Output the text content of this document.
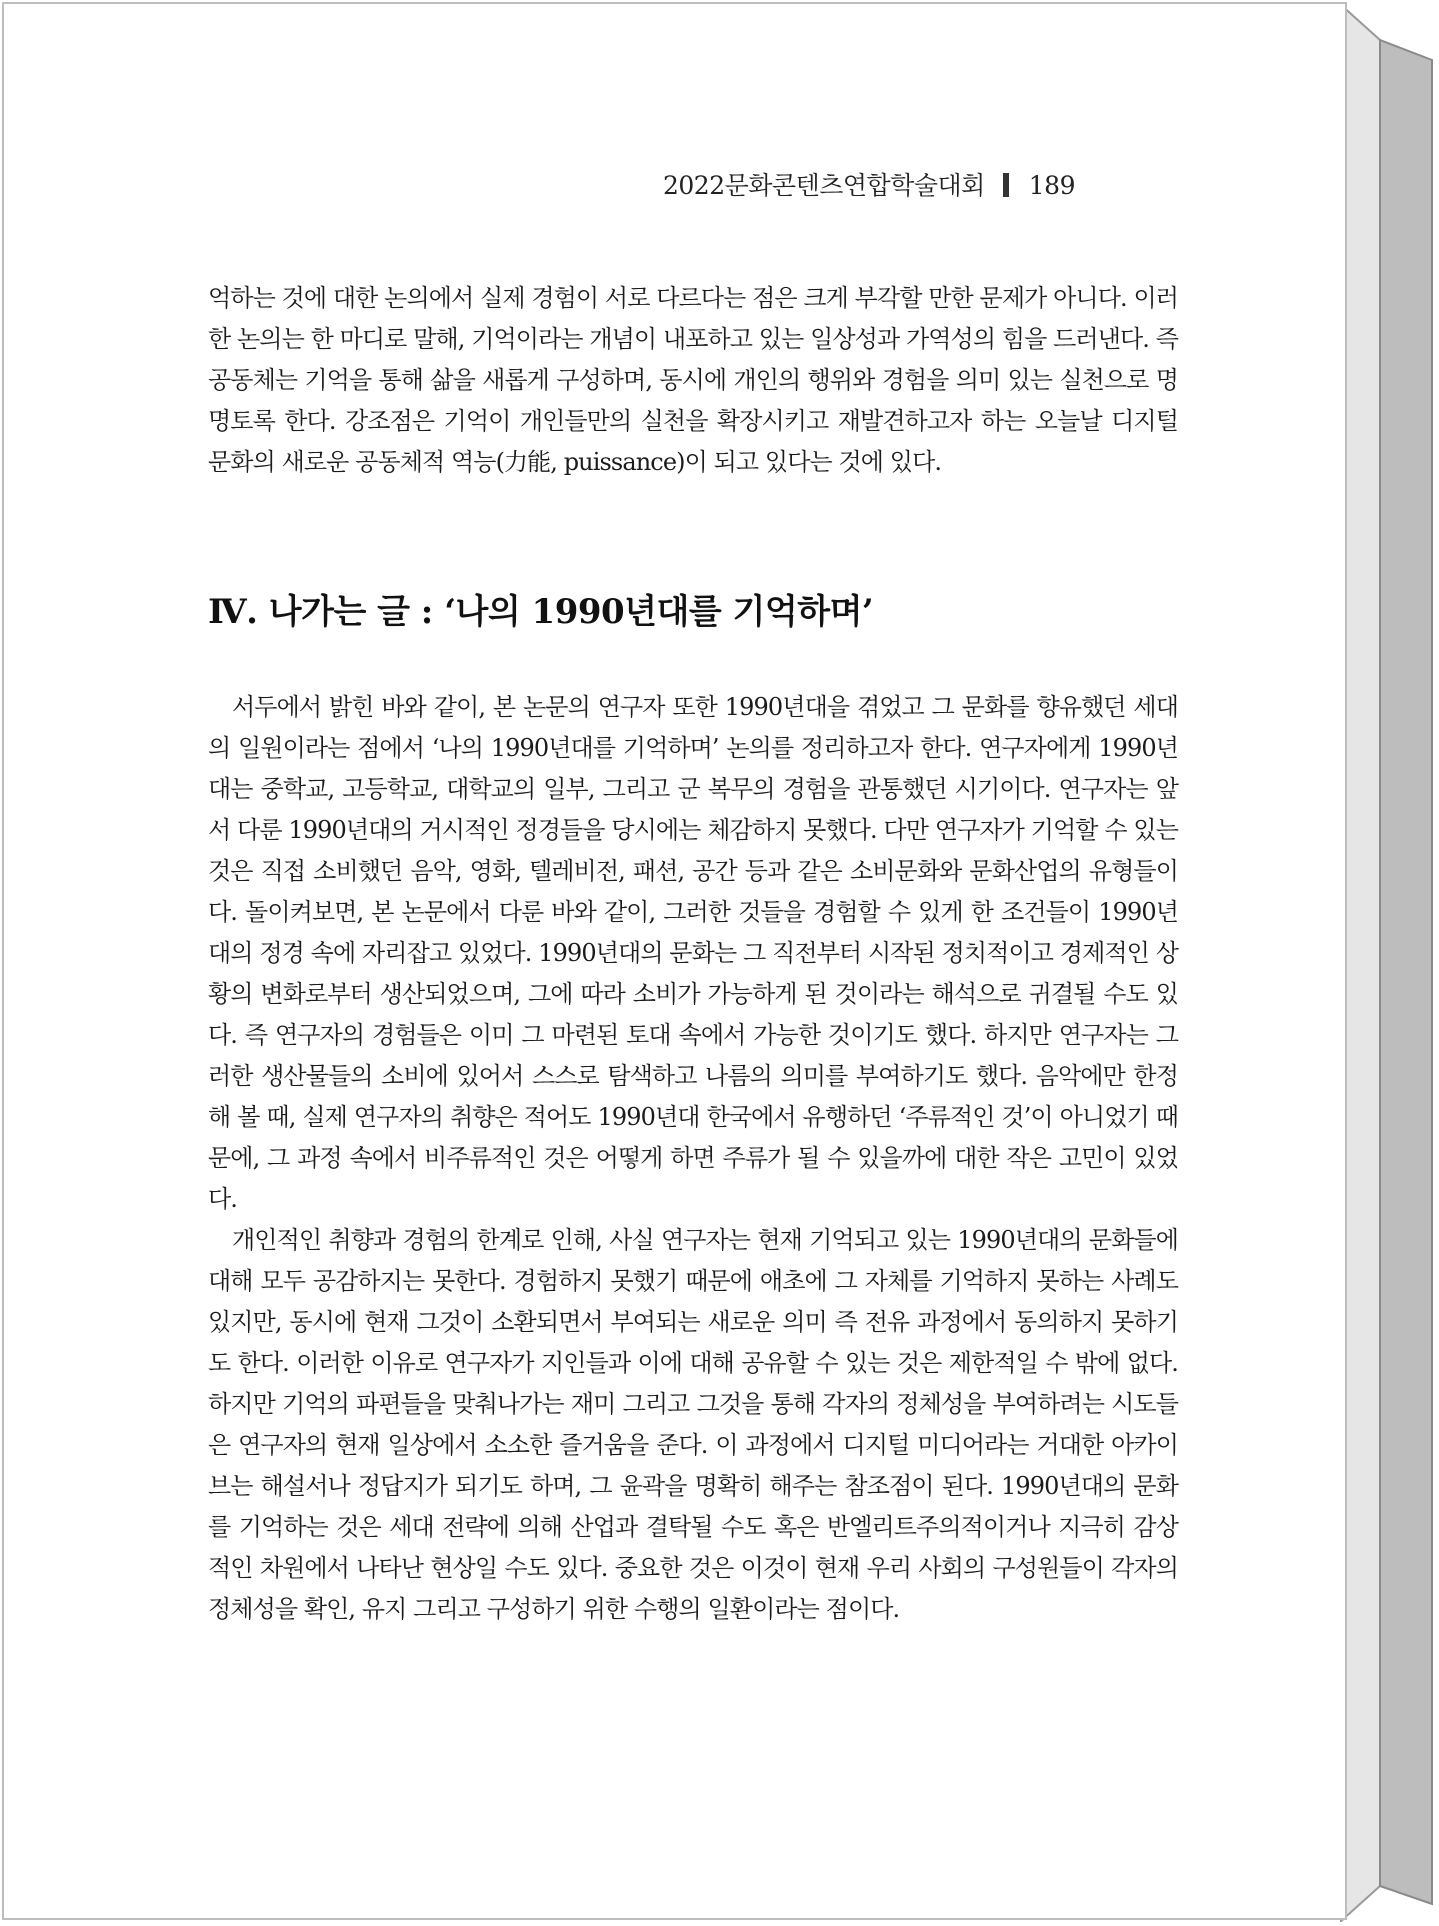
2022문화콘텐츠연합학술대회 189

억하는 것에 대한 논의에서 실제 경험이 서로 다르다는 점은 크게 부각할 만한 문제가 아니다. 이러한 논의는 한 마디로 말해, 기억이라는 개념이 내포하고 있는 일상성과 가역성의 힘을 드러낸다. 즉 공동체는 기억을 통해 삶을 새롭게 구성하며, 동시에 개인의 행위와 경험을 의미 있는 실천으로 명명토록 한다. 강조점은 기억이 개인들만의 실천을 확장시키고 재발견하고자 하는 오늘날 디지털 문화의 새로운 공동체적 역능(力能, puissance)이 되고 있다는 것에 있다.

Ⅳ. 나가는 글 : ‘나의 1990년대를 기억하며’

서두에서 밝힌 바와 같이, 본 논문의 연구자 또한 1990년대을 겪었고 그 문화를 향유했던 세대의 일원이라는 점에서 ‘나의 1990년대를 기억하며’ 논의를 정리하고자 한다. 연구자에게 1990년대는 중학교, 고등학교, 대학교의 일부, 그리고 군 복무의 경험을 관통했던 시기이다. 연구자는 앞서 다룬 1990년대의 거시적인 정경들을 당시에는 체감하지 못했다. 다만 연구자가 기억할 수 있는 것은 직접 소비했던 음악, 영화, 텔레비전, 패션, 공간 등과 같은 소비문화와 문화산업의 유형들이다. 돌이켜보면, 본 논문에서 다룬 바와 같이, 그러한 것들을 경험할 수 있게 한 조건들이 1990년대의 정경 속에 자리잡고 있었다. 1990년대의 문화는 그 직전부터 시작된 정치적이고 경제적인 상황의 변화로부터 생산되었으며, 그에 따라 소비가 가능하게 된 것이라는 해석으로 귀결될 수도 있다. 즉 연구자의 경험들은 이미 그 마련된 토대 속에서 가능한 것이기도 했다. 하지만 연구자는 그러한 생산물들의 소비에 있어서 스스로 탐색하고 나름의 의미를 부여하기도 했다. 음악에만 한정해 볼 때, 실제 연구자의 취향은 적어도 1990년대 한국에서 유행하던 ‘주류적인 것’이 아니었기 때문에, 그 과정 속에서 비주류적인 것은 어떻게 하면 주류가 될 수 있을까에 대한 작은 고민이 있었다.

개인적인 취향과 경험의 한계로 인해, 사실 연구자는 현재 기억되고 있는 1990년대의 문화들에 대해 모두 공감하지는 못한다. 경험하지 못했기 때문에 애초에 그 자체를 기억하지 못하는 사례도 있지만, 동시에 현재 그것이 소환되면서 부여되는 새로운 의미 즉 전유 과정에서 동의하지 못하기도 한다. 이러한 이유로 연구자가 지인들과 이에 대해 공유할 수 있는 것은 제한적일 수 밖에 없다. 하지만 기억의 파편들을 맞춰나가는 재미 그리고 그것을 통해 각자의 정체성을 부여하려는 시도들은 연구자의 현재 일상에서 소소한 즐거움을 준다. 이 과정에서 디지털 미디어라는 거대한 아카이브는 해설서나 정답지가 되기도 하며, 그 윤곽을 명확히 해주는 참조점이 된다. 1990년대의 문화를 기억하는 것은 세대 전략에 의해 산업과 결탁될 수도 혹은 반엘리트주의적이거나 지극히 감상적인 차원에서 나타난 현상일 수도 있다. 중요한 것은 이것이 현재 우리 사회의 구성원들이 각자의 정체성을 확인, 유지 그리고 구성하기 위한 수행의 일환이라는 점이다.
